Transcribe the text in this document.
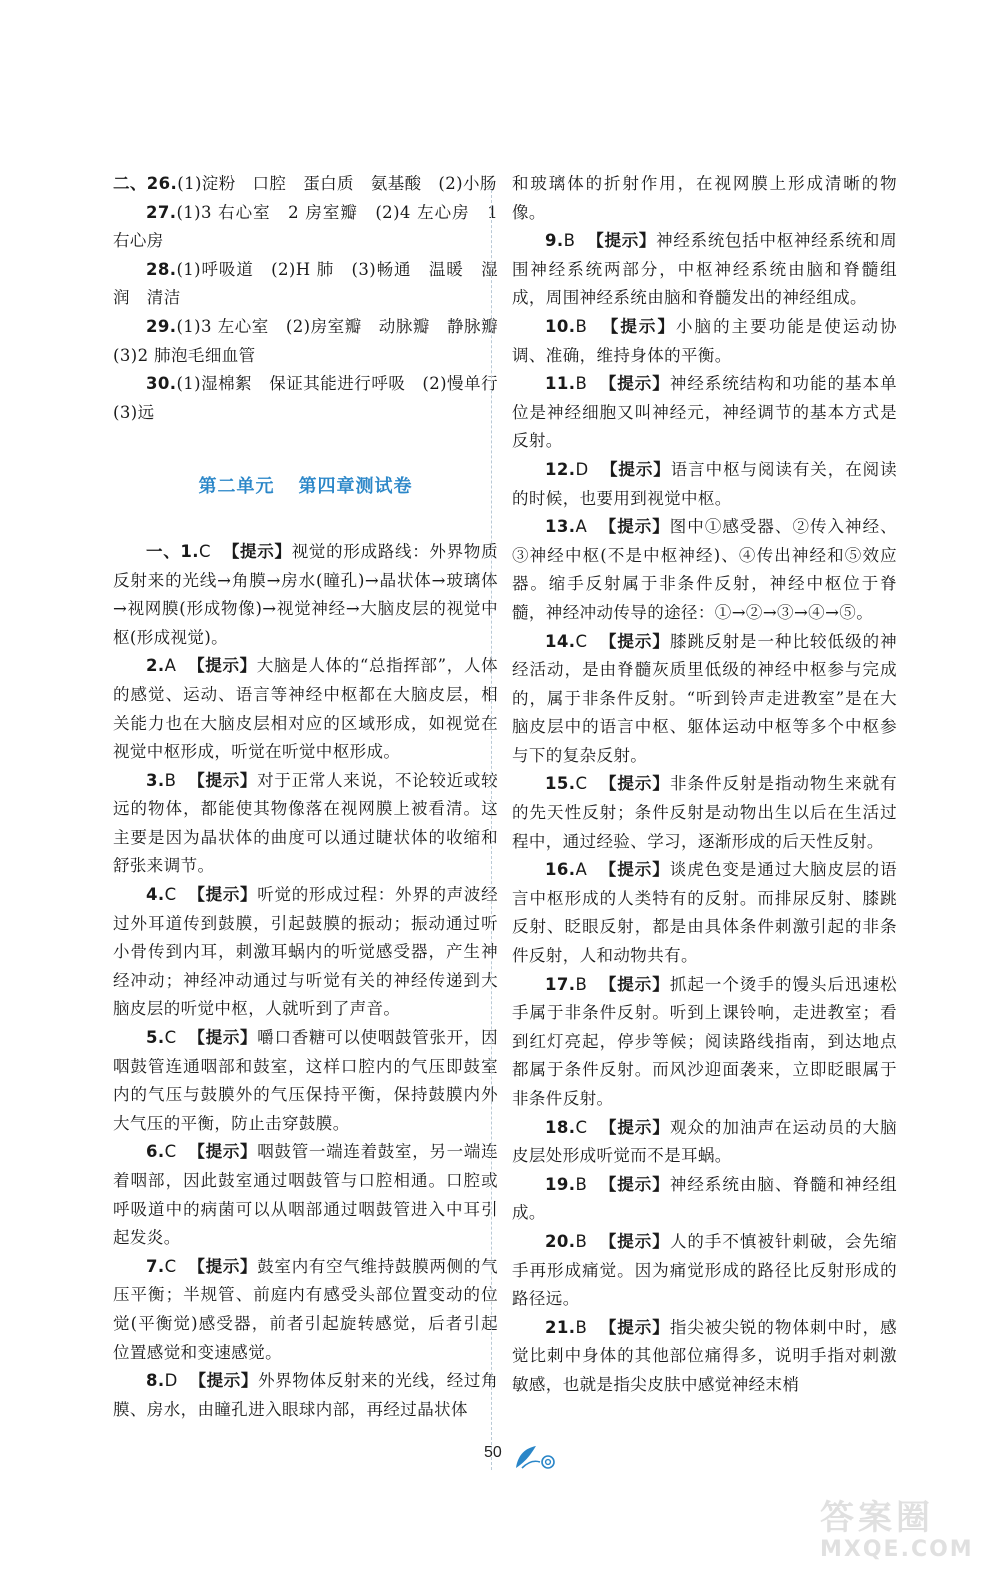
二、26.(1)淀粉　口腔　蛋白质　氨基酸　(2)小肠

27.(1)3 右心室　2 房室瓣　(2)4 左心房　1 右心房

28.(1)呼吸道　(2)H 肺　(3)畅通　温暖　湿润　清洁

29.(1)3 左心室　(2)房室瓣　动脉瓣　静脉瓣　(3)2 肺泡毛细血管

30.(1)湿棉絮　保证其能进行呼吸　(2)慢单行　(3)远

第二单元 第四章测试卷

一、1.C 【提示】视觉的形成路线：外界物质反射来的光线→角膜→房水(瞳孔)→晶状体→玻璃体→视网膜(形成物像)→视觉神经→大脑皮层的视觉中枢(形成视觉)。

2.A 【提示】大脑是人体的“总指挥部”，人体的感觉、运动、语言等神经中枢都在大脑皮层，相关能力也在大脑皮层相对应的区域形成，如视觉在视觉中枢形成，听觉在听觉中枢形成。

3.B 【提示】对于正常人来说，不论较近或较远的物体，都能使其物像落在视网膜上被看清。这主要是因为晶状体的曲度可以通过睫状体的收缩和舒张来调节。

4.C 【提示】听觉的形成过程：外界的声波经过外耳道传到鼓膜，引起鼓膜的振动；振动通过听小骨传到内耳，刺激耳蜗内的听觉感受器，产生神经冲动；神经冲动通过与听觉有关的神经传递到大脑皮层的听觉中枢，人就听到了声音。

5.C 【提示】嚼口香糖可以使咽鼓管张开，因咽鼓管连通咽部和鼓室，这样口腔内的气压即鼓室内的气压与鼓膜外的气压保持平衡，保持鼓膜内外大气压的平衡，防止击穿鼓膜。

6.C 【提示】咽鼓管一端连着鼓室，另一端连着咽部，因此鼓室通过咽鼓管与口腔相通。口腔或呼吸道中的病菌可以从咽部通过咽鼓管进入中耳引起发炎。

7.C 【提示】鼓室内有空气维持鼓膜两侧的气压平衡；半规管、前庭内有感受头部位置变动的位觉(平衡觉)感受器，前者引起旋转感觉，后者引起位置感觉和变速感觉。

8.D 【提示】外界物体反射来的光线，经过角膜、房水，由瞳孔进入眼球内部，再经过晶状体

和玻璃体的折射作用，在视网膜上形成清晰的物像。

9.B 【提示】神经系统包括中枢神经系统和周围神经系统两部分，中枢神经系统由脑和脊髓组成，周围神经系统由脑和脊髓发出的神经组成。

10.B 【提示】小脑的主要功能是使运动协调、准确，维持身体的平衡。

11.B 【提示】神经系统结构和功能的基本单位是神经细胞又叫神经元，神经调节的基本方式是反射。

12.D 【提示】语言中枢与阅读有关，在阅读的时候，也要用到视觉中枢。

13.A 【提示】图中①感受器、②传入神经、③神经中枢(不是中枢神经)、④传出神经和⑤效应器。缩手反射属于非条件反射，神经中枢位于脊髓，神经冲动传导的途径：①→②→③→④→⑤。

14.C 【提示】膝跳反射是一种比较低级的神经活动，是由脊髓灰质里低级的神经中枢参与完成的，属于非条件反射。“听到铃声走进教室”是在大脑皮层中的语言中枢、躯体运动中枢等多个中枢参与下的复杂反射。

15.C 【提示】非条件反射是指动物生来就有的先天性反射；条件反射是动物出生以后在生活过程中，通过经验、学习，逐渐形成的后天性反射。

16.A 【提示】谈虎色变是通过大脑皮层的语言中枢形成的人类特有的反射。而排尿反射、膝跳反射、眨眼反射，都是由具体条件刺激引起的非条件反射，人和动物共有。

17.B 【提示】抓起一个烫手的馒头后迅速松手属于非条件反射。听到上课铃响，走进教室；看到红灯亮起，停步等候；阅读路线指南，到达地点都属于条件反射。而风沙迎面袭来，立即眨眼属于非条件反射。

18.C 【提示】观众的加油声在运动员的大脑皮层处形成听觉而不是耳蜗。

19.B 【提示】神经系统由脑、脊髓和神经组成。

20.B 【提示】人的手不慎被针刺破，会先缩手再形成痛觉。因为痛觉形成的路径比反射形成的路径远。

21.B 【提示】指尖被尖锐的物体刺中时，感觉比刺中身体的其他部位痛得多，说明手指对刺激敏感，也就是指尖皮肤中感觉神经末梢

50
答案圈
MXQE.COM
